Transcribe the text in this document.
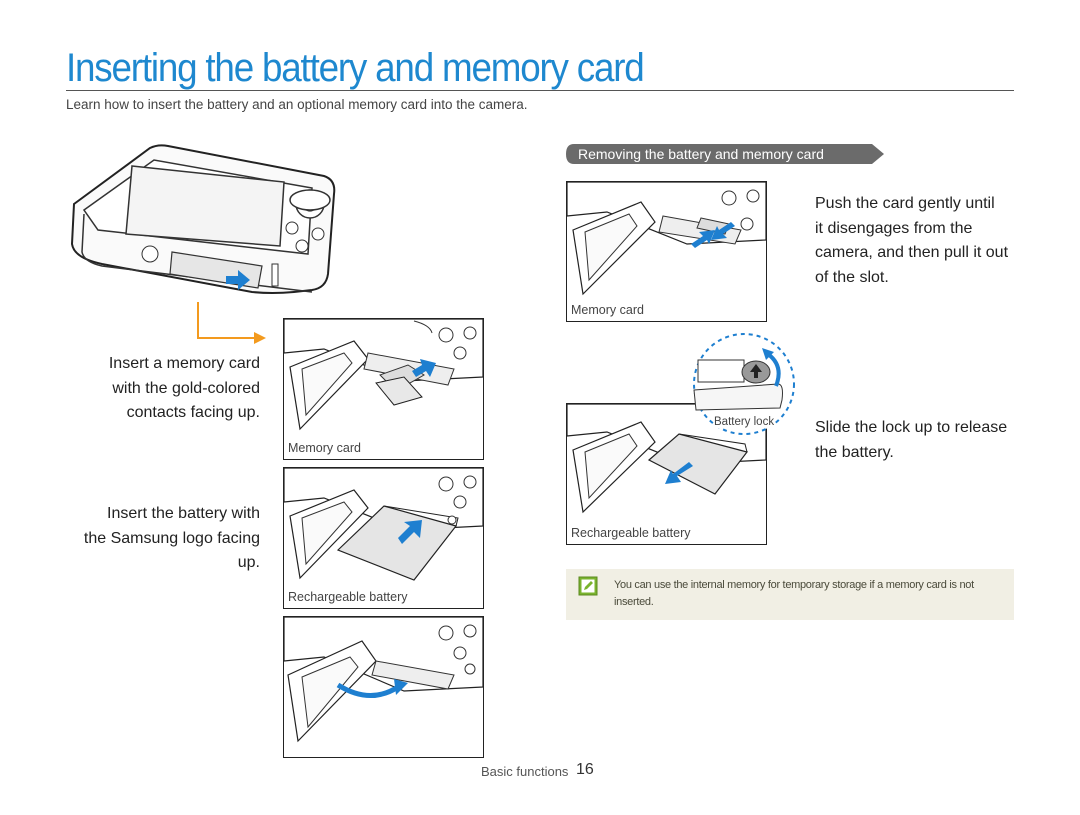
Inserting the battery and memory card
Learn how to insert the battery and an optional memory card into the camera.
Insert a memory card
with the gold-colored
contacts facing up.
Insert the battery with
the Samsung logo facing
up.
Memory card
Rechargeable battery
Removing the battery and memory card
Memory card
Push the card gently until
it disengages from the
camera, and then pull it out
of the slot.
Rechargeable battery
Battery lock	Slide the lock up to release
the battery.
You can use the internal memory for temporary storage if a memory card is not inserted.
Basic functions 16
